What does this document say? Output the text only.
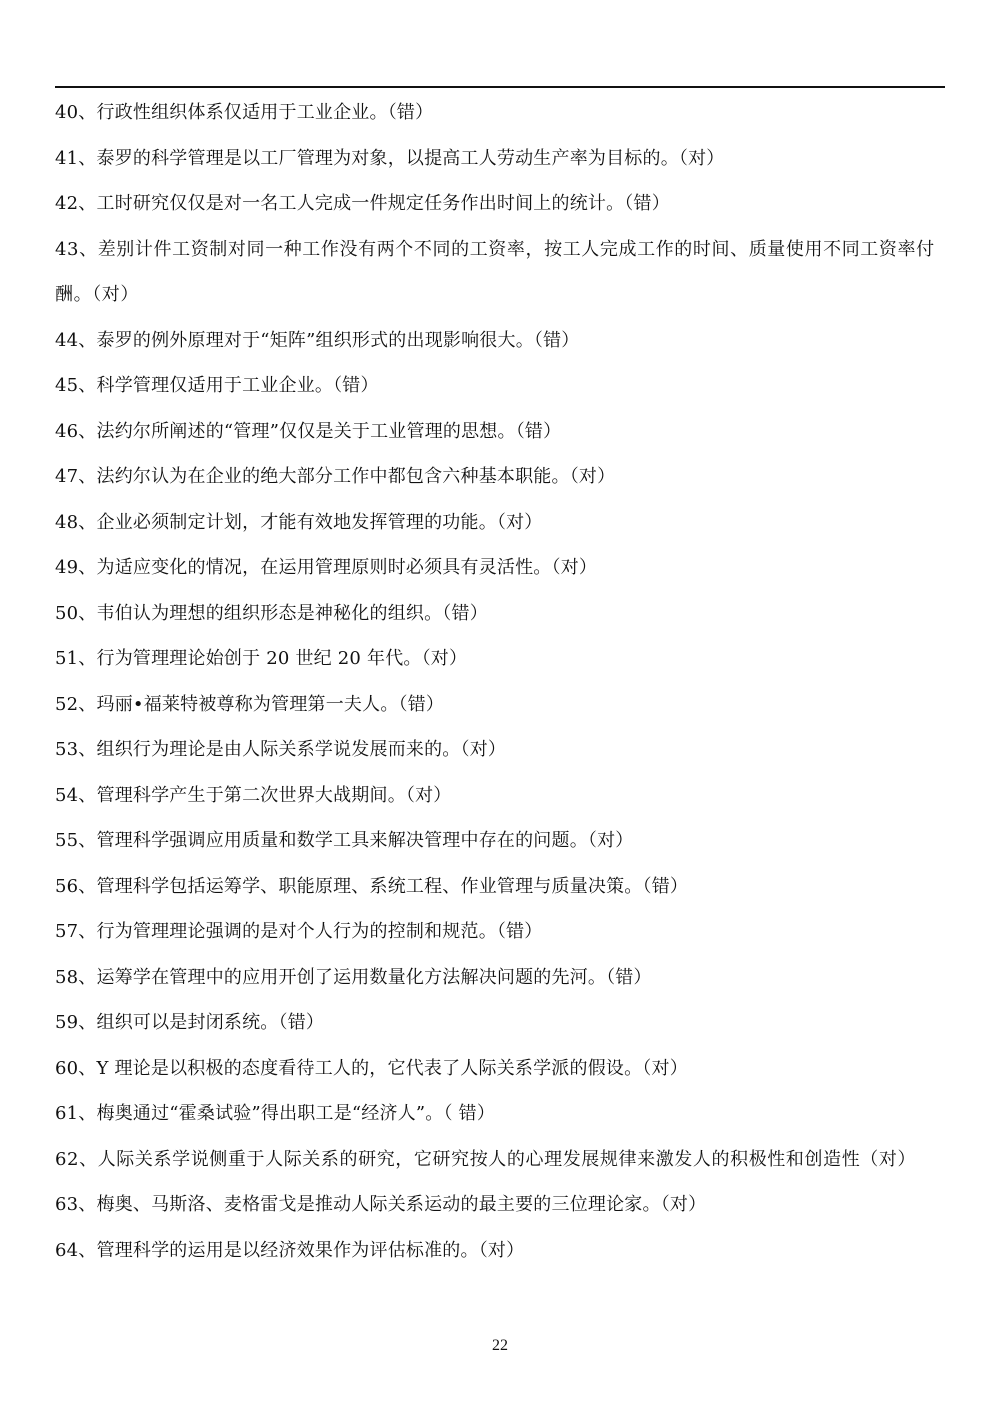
40、行政性组织体系仅适用于工业企业。（错）
41、泰罗的科学管理是以工厂管理为对象，以提高工人劳动生产率为目标的。（对）
42、工时研究仅仅是对一名工人完成一件规定任务作出时间上的统计。（错）
43、差别计件工资制对同一种工作没有两个不同的工资率，按工人完成工作的时间、质量使用不同工资率付酬。（对）
44、泰罗的例外原理对于“矩阵”组织形式的出现影响很大。（错）
45、科学管理仅适用于工业企业。（错）
46、法约尔所阐述的“管理”仅仅是关于工业管理的思想。（错）
47、法约尔认为在企业的绝大部分工作中都包含六种基本职能。（对）
48、企业必须制定计划，才能有效地发挥管理的功能。（对）
49、为适应变化的情况，在运用管理原则时必须具有灵活性。（对）
50、韦伯认为理想的组织形态是神秘化的组织。（错）
51、行为管理理论始创于 20 世纪 20 年代。（对）
52、玛丽•福莱特被尊称为管理第一夫人。（错）
53、组织行为理论是由人际关系学说发展而来的。（对）
54、管理科学产生于第二次世界大战期间。（对）
55、管理科学强调应用质量和数学工具来解决管理中存在的问题。（对）
56、管理科学包括运筹学、职能原理、系统工程、作业管理与质量决策。（错）
57、行为管理理论强调的是对个人行为的控制和规范。（错）
58、运筹学在管理中的应用开创了运用数量化方法解决问题的先河。（错）
59、组织可以是封闭系统。（错）
60、Y 理论是以积极的态度看待工人的，它代表了人际关系学派的假设。（对）
61、梅奥通过“霍桑试验”得出职工是“经济人”。（ 错）
62、人际关系学说侧重于人际关系的研究，它研究按人的心理发展规律来激发人的积极性和创造性（对）
63、梅奥、马斯洛、麦格雷戈是推动人际关系运动的最主要的三位理论家。（对）
64、管理科学的运用是以经济效果作为评估标准的。（对）
22
